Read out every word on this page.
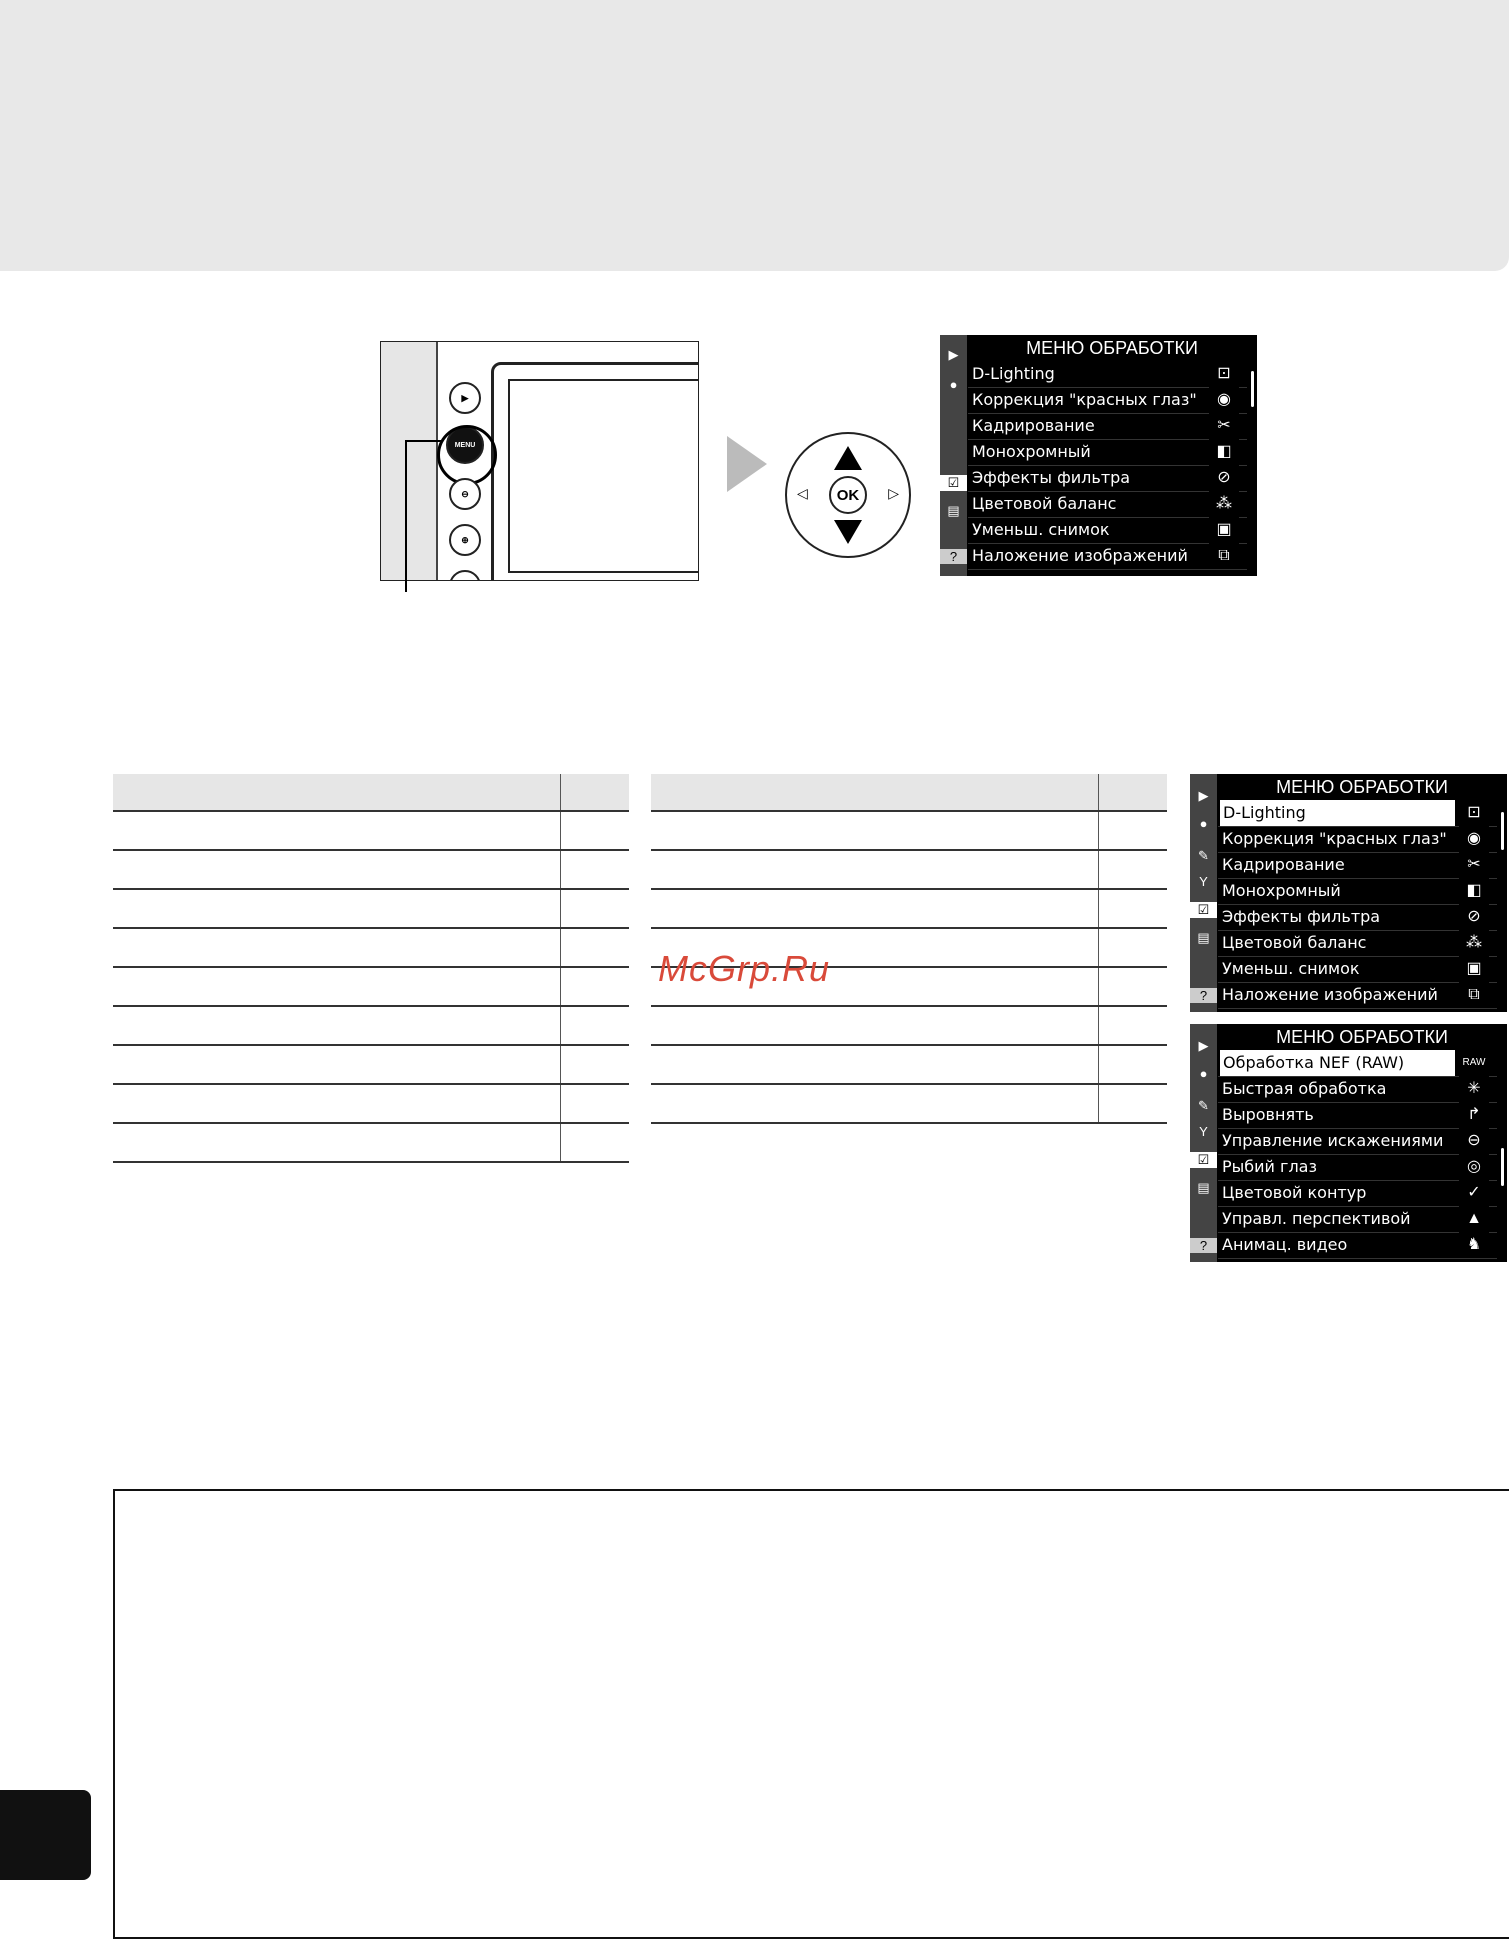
▶
MENU
⊖
⊕
◁	▷
OK
▶
●
☑
▤
?
МЕНЮ ОБРАБОТКИ
D-Lighting	⊡
Коррекция "красных глаз"	◉
Кадрирование	✂
Монохромный	◧
Эффекты фильтра	⊘
Цветовой баланс	⁂
Уменьш. снимок	▣
Наложение изображений	⧉

McGrp.Ru
▶
●
✎
Y
☑
▤
?
МЕНЮ ОБРАБОТКИ
D-Lighting	⊡
Коррекция "красных глаз"	◉
Кадрирование	✂
Монохромный	◧
Эффекты фильтра	⊘
Цветовой баланс	⁂
Уменьш. снимок	▣
Наложение изображений	⧉
▶
●
✎
Y
☑
▤
?
МЕНЮ ОБРАБОТКИ
Обработка NEF (RAW)	RAW
Быстрая обработка	✳
Выровнять	↱
Управление искажениями	⊖
Рыбий глаз	◎
Цветовой контур	✓
Управл. перспективой	▲
Анимац. видео	♞
